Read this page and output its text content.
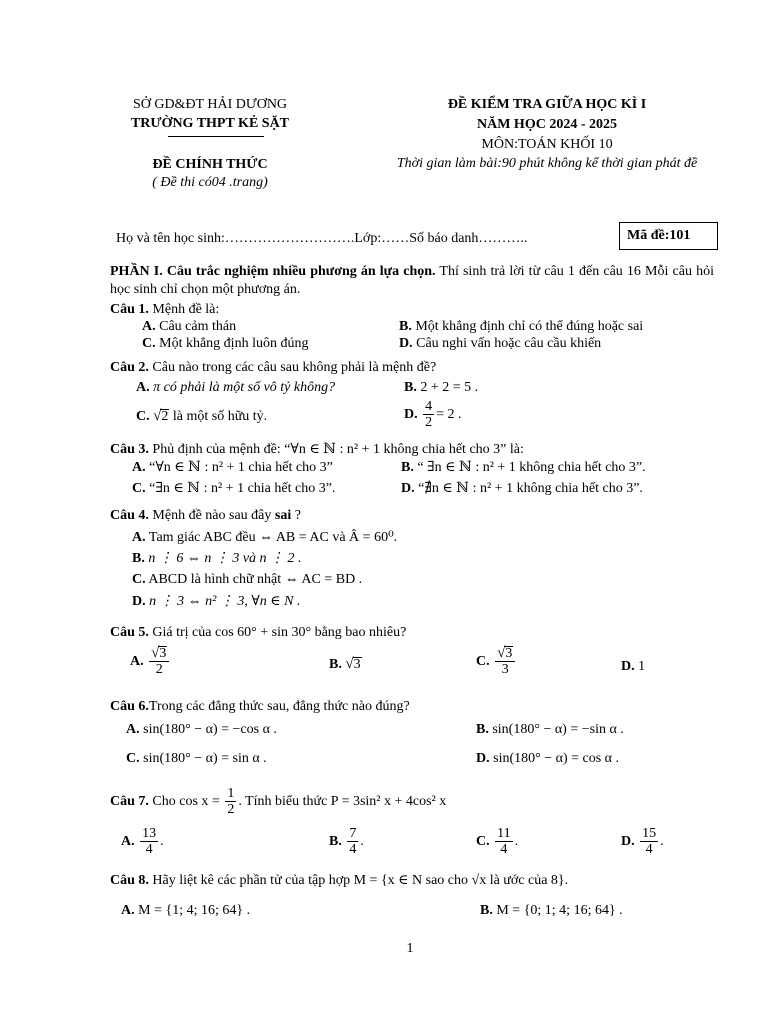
SỞ GD&ĐT HẢI DƯƠNG
TRƯỜNG THPT KẺ SẶT
ĐỀ CHÍNH THỨC
( Đề thi có04 .trang)
ĐỀ KIỂM TRA GIỮA HỌC KÌ I
NĂM HỌC 2024 - 2025
MÔN:TOÁN KHỐI 10
Thời gian làm bài:90 phút không kể thời gian phát đề
Họ và tên học sinh:……………………….Lớp:……Số báo danh………..	Mã đề:101
PHẦN I. Câu trắc nghiệm nhiều phương án lựa chọn. Thí sinh trả lời từ câu 1 đến câu 16 Mỗi câu hỏi học sinh chỉ chọn một phương án.
Câu 1. Mệnh đề là:
A. Câu cảm thán	B. Một khẳng định chỉ có thể đúng hoặc sai
C. Một khẳng định luôn đúng	D. Câu nghi vấn hoặc câu cầu khiến
Câu 2. Câu nào trong các câu sau không phải là mệnh đề?
A. π có phải là một số vô tỷ không?	B. 2 + 2 = 5 .
C. √2 là một số hữu tỷ.	D. $\frac{4}{2} = 2$ .
Câu 3. Phủ định của mệnh đề: “∀n ∈ ℕ : n² + 1 không chia hết cho 3” là:
A. “∀n ∈ ℕ : n² + 1 chia hết cho 3”	B. “ ∃n ∈ ℕ : n² + 1 không chia hết cho 3”.
C. “∃n ∈ ℕ : n² + 1 chia hết cho 3”.	D. “∄n ∈ ℕ : n² + 1 không chia hết cho 3”.
Câu 4. Mệnh đề nào sau đây sai ?
A. Tam giác ABC đều ⇔ AB = AC và Â = 60⁰.
B. n ⋮ 6 ⇔ n ⋮ 3 và n ⋮ 2 .
C. ABCD là hình chữ nhật ⇔ AC = BD .
D. n ⋮ 3 ⇔ n² ⋮ 3, ∀n ∈ N .
Câu 5. Giá trị của cos 60° + sin 30° bằng bao nhiêu?
A. $\frac{√3}{2}$	B. √3	C. $\frac{√3}{3}$	D. 1
Câu 6.Trong các đẳng thức sau, đẳng thức nào đúng?
A. sin(180° − α) = −cos α .	B. sin(180° − α) = −sin α .
C. sin(180° − α) = sin α .	D. sin(180° − α) = cos α .
Câu 7. Cho $\cos x = \frac{1}{2}$ . Tính biểu thức P = 3sin² x + 4cos² x
A. $\frac{13}{4}$ .	B. $\frac{7}{4}$ .	C. $\frac{11}{4}$ .	D. $\frac{15}{4}$ .
Câu 8. Hãy liệt kê các phần tử của tập hợp M = {x ∈ N sao cho √x là ước của 8}.
A. M = {1; 4; 16; 64} .	B. M = {0; 1; 4; 16; 64} .
1
